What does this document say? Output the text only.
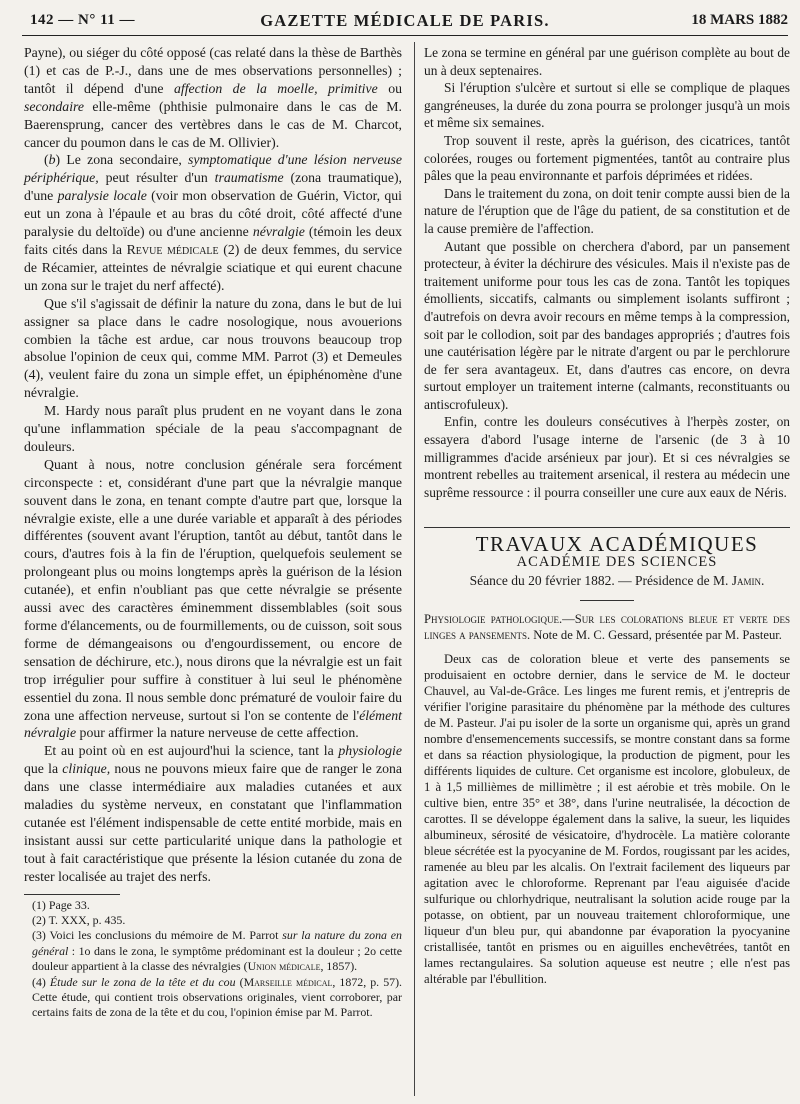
142 — N° 11 —	GAZETTE MÉDICALE DE PARIS.	18 MARS 1882

Payne), ou siéger du côté opposé (cas relaté dans la thèse de Barthès (1) et cas de P.-J., dans une de mes observations personnelles) ; tantôt il dépend d'une affection de la moelle, primitive ou secondaire elle-même (phthisie pulmonaire dans le cas de M. Baerensprung, cancer des vertèbres dans le cas de M. Charcot, cancer du poumon dans le cas de M. Ollivier).

(b) Le zona secondaire, symptomatique d'une lésion nerveuse périphérique, peut résulter d'un traumatisme (zona traumatique), d'une paralysie locale (voir mon observation de Guérin, Victor, qui eut un zona à l'épaule et au bras du côté droit, côté affecté d'une paralysie du deltoïde) ou d'une ancienne névralgie (témoin les deux faits cités dans la Revue médicale (2) de deux femmes, du service de Récamier, atteintes de névralgie sciatique et qui eurent chacune un zona sur le trajet du nerf affecté).

Que s'il s'agissait de définir la nature du zona, dans le but de lui assigner sa place dans le cadre nosologique, nous avouerions combien la tâche est ardue, car nous trouvons beaucoup trop absolue l'opinion de ceux qui, comme MM. Parrot (3) et Demeules (4), veulent faire du zona un simple effet, un épiphénomène d'une névralgie.

M. Hardy nous paraît plus prudent en ne voyant dans le zona qu'une inflammation spéciale de la peau s'accompagnant de douleurs.

Quant à nous, notre conclusion générale sera forcément circonspecte : et, considérant d'une part que la névralgie manque souvent dans le zona, en tenant compte d'autre part que, lorsque la névralgie existe, elle a une durée variable et apparaît à des périodes différentes (souvent avant l'éruption, tantôt au début, tantôt dans le cours, d'autres fois à la fin de l'éruption, quelquefois seulement se prolongeant plus ou moins longtemps après la guérison de la lésion cutanée), et enfin n'oubliant pas que cette névralgie se présente aussi avec des caractères éminemment dissemblables (soit sous forme d'élancements, ou de fourmillements, ou de cuisson, soit sous forme de démangeaisons ou d'engourdissement, ou encore de sensation de déchirure, etc.), nous dirons que la névralgie est un fait trop irrégulier pour suffire à constituer à lui seul le phénomène essentiel du zona. Il nous semble donc prématuré de vouloir faire du zona une affection nerveuse, surtout si l'on se contente de l'élément névralgie pour affirmer la nature nerveuse de cette affection.

Et au point où en est aujourd'hui la science, tant la physiologie que la clinique, nous ne pouvons mieux faire que de ranger le zona dans une classe intermédiaire aux maladies cutanées et aux maladies du système nerveux, en constatant que l'inflammation cutanée est l'élément indispensable de cette entité morbide, mais en insistant aussi sur cette particularité unique dans la pathologie et tout à fait caractéristique que présente la lésion cutanée du zona de rester localisée au trajet des nerfs.

(1) Page 33.

(2) T. XXX, p. 435.

(3) Voici les conclusions du mémoire de M. Parrot sur la nature du zona en général : 1o dans le zona, le symptôme prédominant est la douleur ; 2o cette douleur appartient à la classe des névralgies (Union médicale, 1857).

(4) Étude sur le zona de la tête et du cou (Marseille médical, 1872, p. 57). Cette étude, qui contient trois observations originales, vient corroborer, par certains faits de zona de la tête et du cou, l'opinion émise par M. Parrot.

Le zona se termine en général par une guérison complète au bout de un à deux septenaires.

Si l'éruption s'ulcère et surtout si elle se complique de plaques gangréneuses, la durée du zona pourra se prolonger jusqu'à un mois et même six semaines.

Trop souvent il reste, après la guérison, des cicatrices, tantôt colorées, rouges ou fortement pigmentées, tantôt au contraire plus pâles que la peau environnante et parfois déprimées et ridées.

Dans le traitement du zona, on doit tenir compte aussi bien de la nature de l'éruption que de l'âge du patient, de sa constitution et de la cause première de l'affection.

Autant que possible on cherchera d'abord, par un pansement protecteur, à éviter la déchirure des vésicules. Mais il n'existe pas de traitement uniforme pour tous les cas de zona. Tantôt les topiques émollients, siccatifs, calmants ou simplement isolants suffiront ; d'autrefois on devra avoir recours en même temps à la compression, soit par le collodion, soit par des bandages appropriés ; d'autres fois une cautérisation légère par le nitrate d'argent ou par le perchlorure de fer sera avantageux. Et, dans d'autres cas encore, on devra surtout employer un traitement interne (calmants, reconstituants ou antiscrofuleux).

Enfin, contre les douleurs consécutives à l'herpès zoster, on essayera d'abord l'usage interne de l'arsenic (de 3 à 10 milligrammes d'acide arsénieux par jour). Et si ces névralgies se montrent rebelles au traitement arsenical, il restera au médecin une suprême ressource : il pourra conseiller une cure aux eaux de Néris.

TRAVAUX ACADÉMIQUES

ACADÉMIE DES SCIENCES

Séance du 20 février 1882. — Présidence de M. Jamin.

Physiologie pathologique.—Sur les colorations bleue et verte des linges a pansements. Note de M. C. Gessard, présentée par M. Pasteur.

Deux cas de coloration bleue et verte des pansements se produisaient en octobre dernier, dans le service de M. le docteur Chauvel, au Val-de-Grâce. Les linges me furent remis, et j'entrepris de vérifier l'origine parasitaire du phénomène par la méthode des cultures de M. Pasteur. J'ai pu isoler de la sorte un organisme qui, après un grand nombre d'ensemencements successifs, se montre constant dans sa forme et dans sa réaction physiologique, la production de pigment, pour les différents liquides de culture. Cet organisme est incolore, globuleux, de 1 à 1,5 millièmes de millimètre ; il est aérobie et très mobile. On le cultive bien, entre 35° et 38°, dans l'urine neutralisée, la décoction de carottes. Il se développe également dans la salive, la sueur, les liquides albumineux, sérosité de vésicatoire, d'hydrocèle. La matière colorante bleue sécrétée est la pyocyanine de M. Fordos, rougissant par les acides, ramenée au bleu par les alcalis. On l'extrait facilement des liqueurs par agitation avec le chloroforme. Reprenant par l'eau aiguisée d'acide sulfurique ou chlorhydrique, neutralisant la solution acide rouge par la potasse, on obtient, par un nouveau traitement chloroformique, une liqueur d'un bleu pur, qui abandonne par évaporation la pyocyanine cristallisée, tantôt en prismes ou en aiguilles enchevêtrées, tantôt en lames rectangulaires. Sa solution aqueuse est neutre ; elle n'est pas altérable par l'ébullition.
